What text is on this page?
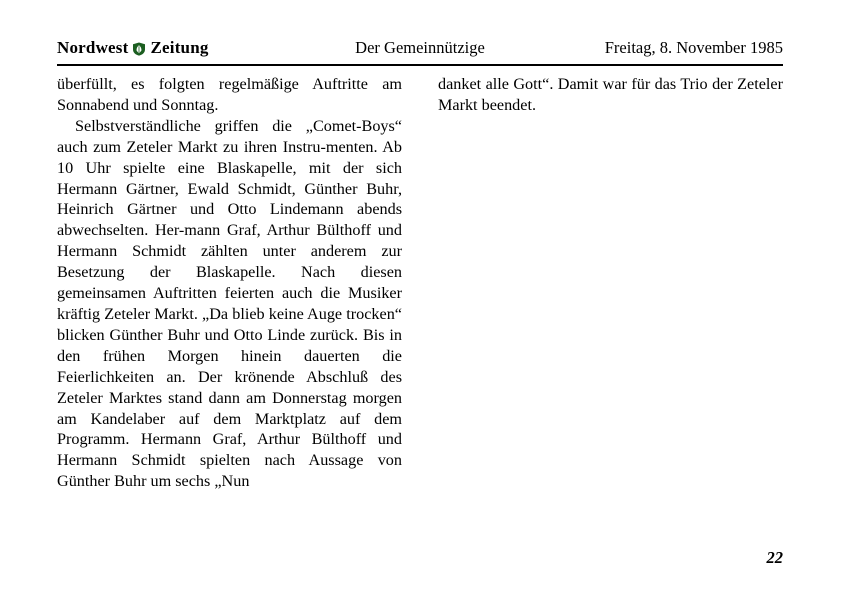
Nordwest Zeitung	Der Gemeinnützige	Freitag, 8. November 1985

überfüllt, es folgten regelmäßige Auftritte am Sonnabend und Sonntag.

Selbstverständliche griffen die „Comet-Boys“ auch zum Zeteler Markt zu ihren Instru-menten. Ab 10 Uhr spielte eine Blaskapelle, mit der sich Hermann Gärtner, Ewald Schmidt, Günther Buhr, Heinrich Gärtner und Otto Lindemann abends abwechselten. Her-mann Graf, Arthur Bülthoff und Hermann Schmidt zählten unter anderem zur Besetzung der Blaskapelle. Nach diesen gemeinsamen Auftritten feierten auch die Musiker kräftig Zeteler Markt. „Da blieb keine Auge trocken“ blicken Günther Buhr und Otto Linde zurück. Bis in den frühen Morgen hinein dauerten die Feierlichkeiten an. Der krönende Abschluß des Zeteler Marktes stand dann am Donnerstag morgen am Kandelaber auf dem Marktplatz auf dem Programm. Hermann Graf, Arthur Bülthoff und Hermann Schmidt spielten nach Aussage von Günther Buhr um sechs „Nun

danket alle Gott“. Damit war für das Trio der Zeteler Markt beendet.

22
